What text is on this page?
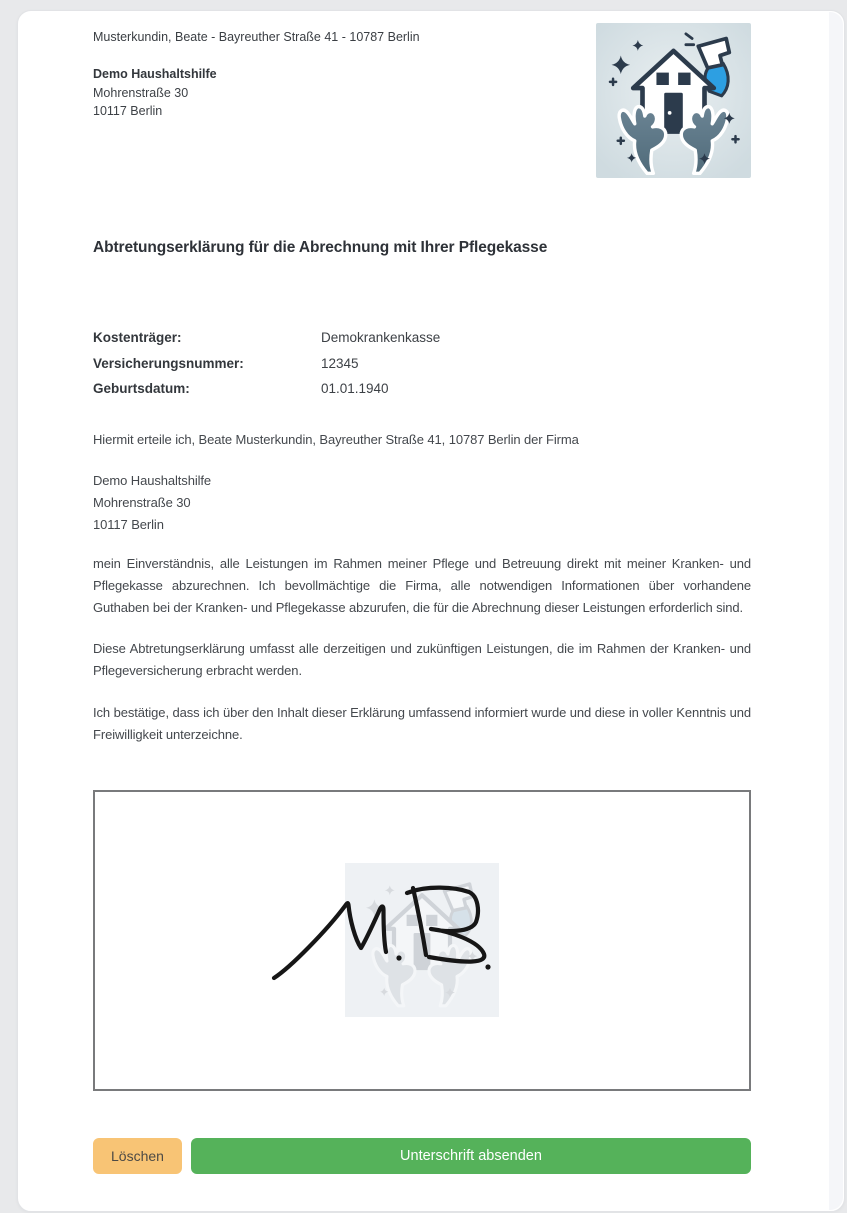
Musterkundin, Beate - Bayreuther Straße 41 - 10787 Berlin

Demo Haushaltshilfe
Mohrenstraße 30
10117 Berlin
Abtretungserklärung für die Abrechnung mit Ihrer Pflegekasse
Kostenträger:	Demokrankenkasse
Versicherungsnummer:	12345
Geburtsdatum:	01.01.1940

Hiermit erteile ich, Beate Musterkundin, Bayreuther Straße 41, 10787 Berlin der Firma

Demo Haushaltshilfe
Mohrenstraße 30
10117 Berlin

mein Einverständnis, alle Leistungen im Rahmen meiner Pflege und Betreuung direkt mit meiner Kranken- und Pflegekasse abzurechnen. Ich bevollmächtige die Firma, alle notwendigen Informationen über vorhandene Guthaben bei der Kranken- und Pflegekasse abzurufen, die für die Abrechnung dieser Leistungen erforderlich sind.

Diese Abtretungserklärung umfasst alle derzeitigen und zukünftigen Leistungen, die im Rahmen der Kranken- und Pflegeversicherung erbracht werden.

Ich bestätige, dass ich über den Inhalt dieser Erklärung umfassend informiert wurde und diese in voller Kenntnis und Freiwilligkeit unterzeichne.

Löschen	Unterschrift absenden
